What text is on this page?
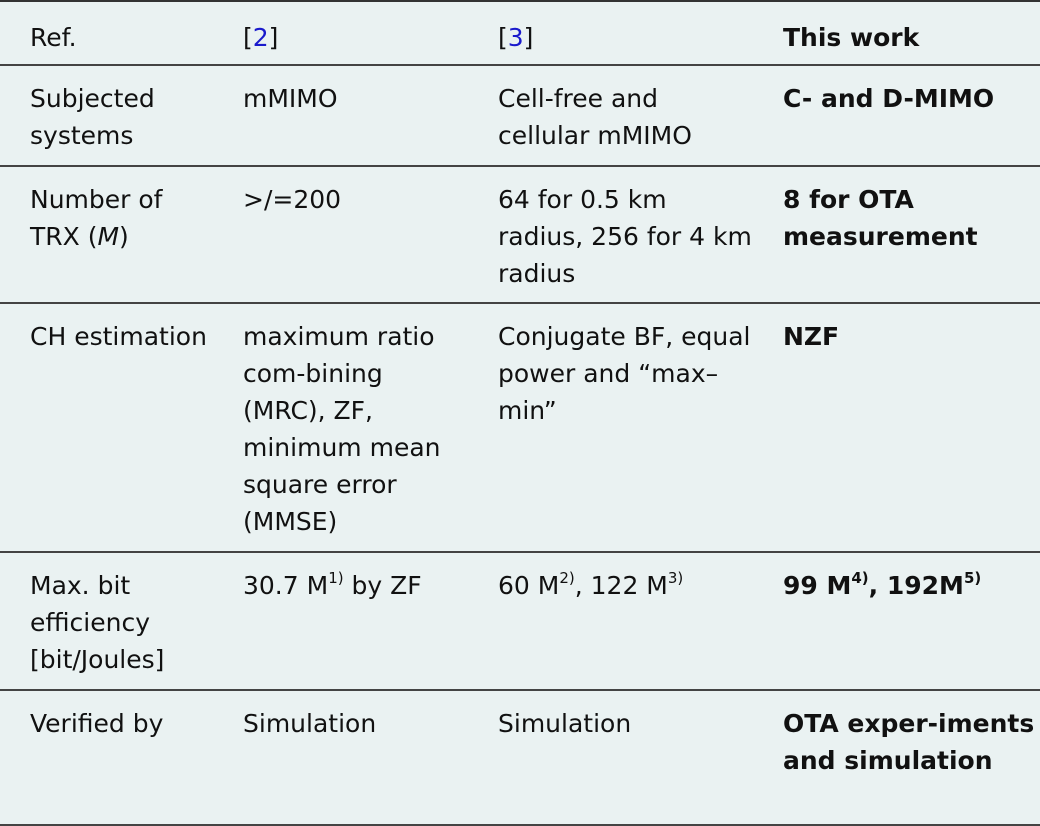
Ref.	[2]	[3]	This work
Subjected systems	mMIMO	Cell-free and cellular mMIMO	C- and D-MIMO
Number of TRX (M)	>/=200	64 for 0.5 km radius, 256 for 4 km radius	8 for OTA measurement
CH estimation	maximum ratio com-bining (MRC), ZF, minimum mean square error (MMSE)	Conjugate BF, equal power and “max–min”	NZF
Max. bit efficiency [bit/Joules]	30.7 $M^{1)}$ by ZF	60 $M^{2)}$, 122 $M^{3)}$	99 $M^{4)}$, $192M^{5)}$
Verified by	Simulation	Simulation	OTA exper-iments and simulation
